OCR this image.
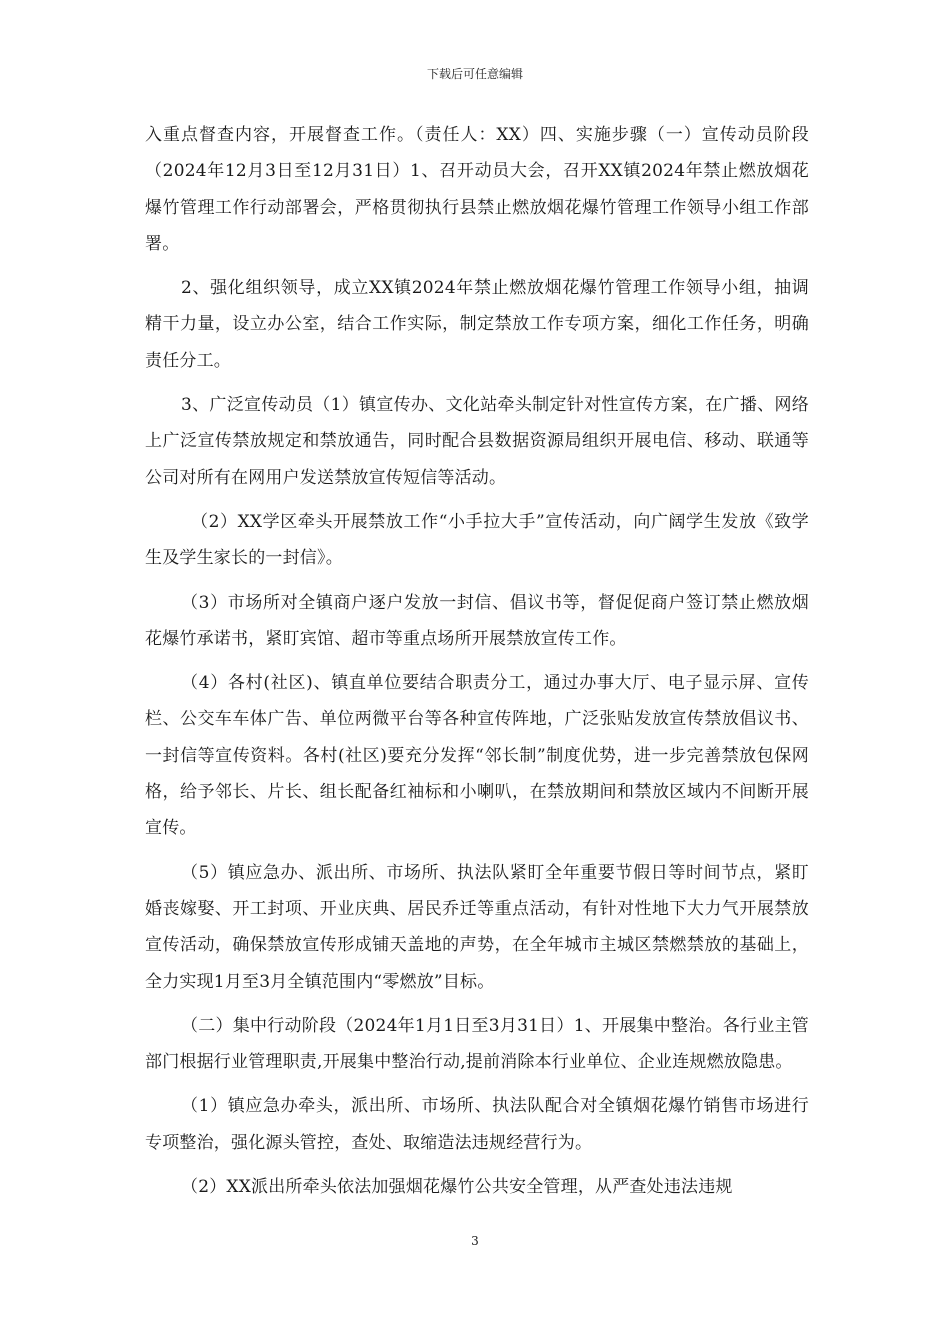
下载后可任意编辑

入重点督查内容，开展督查工作。（责任人：XX）四、实施步骤（一）宣传动员阶段（2024年12月3日至12月31日）1、召开动员大会，召开XX镇2024年禁止燃放烟花爆竹管理工作行动部署会，严格贯彻执行县禁止燃放烟花爆竹管理工作领导小组工作部署。

2、强化组织领导，成立XX镇2024年禁止燃放烟花爆竹管理工作领导小组，抽调精干力量，设立办公室，结合工作实际，制定禁放工作专项方案，细化工作任务，明确责任分工。

3、广泛宣传动员（1）镇宣传办、文化站牵头制定针对性宣传方案，在广播、网络上广泛宣传禁放规定和禁放通告，同时配合县数据资源局组织开展电信、移动、联通等公司对所有在网用户发送禁放宣传短信等活动。

（2）XX学区牵头开展禁放工作“小手拉大手”宣传活动，向广阔学生发放《致学生及学生家长的一封信》。

（3）市场所对全镇商户逐户发放一封信、倡议书等，督促促商户签订禁止燃放烟花爆竹承诺书，紧盯宾馆、超市等重点场所开展禁放宣传工作。

（4）各村(社区)、镇直单位要结合职责分工，通过办事大厅、电子显示屏、宣传栏、公交车车体广告、单位两微平台等各种宣传阵地，广泛张贴发放宣传禁放倡议书、一封信等宣传资料。各村(社区)要充分发挥“邻长制”制度优势，进一步完善禁放包保网格，给予邻长、片长、组长配备红袖标和小喇叭，在禁放期间和禁放区域内不间断开展宣传。

（5）镇应急办、派出所、市场所、执法队紧盯全年重要节假日等时间节点，紧盯婚丧嫁娶、开工封项、开业庆典、居民乔迁等重点活动，有针对性地下大力气开展禁放宣传活动，确保禁放宣传形成铺天盖地的声势，在全年城市主城区禁燃禁放的基础上，全力实现1月至3月全镇范围内“零燃放”目标。

（二）集中行动阶段（2024年1月1日至3月31日）1、开展集中整治。各行业主管部门根据行业管理职责,开展集中整治行动,提前消除本行业单位、企业连规燃放隐患。

（1）镇应急办牵头，派出所、市场所、执法队配合对全镇烟花爆竹销售市场进行专项整治，强化源头管控，查处、取缩造法违规经营行为。

（2）XX派出所牵头依法加强烟花爆竹公共安全管理，从严查处违法违规

3
